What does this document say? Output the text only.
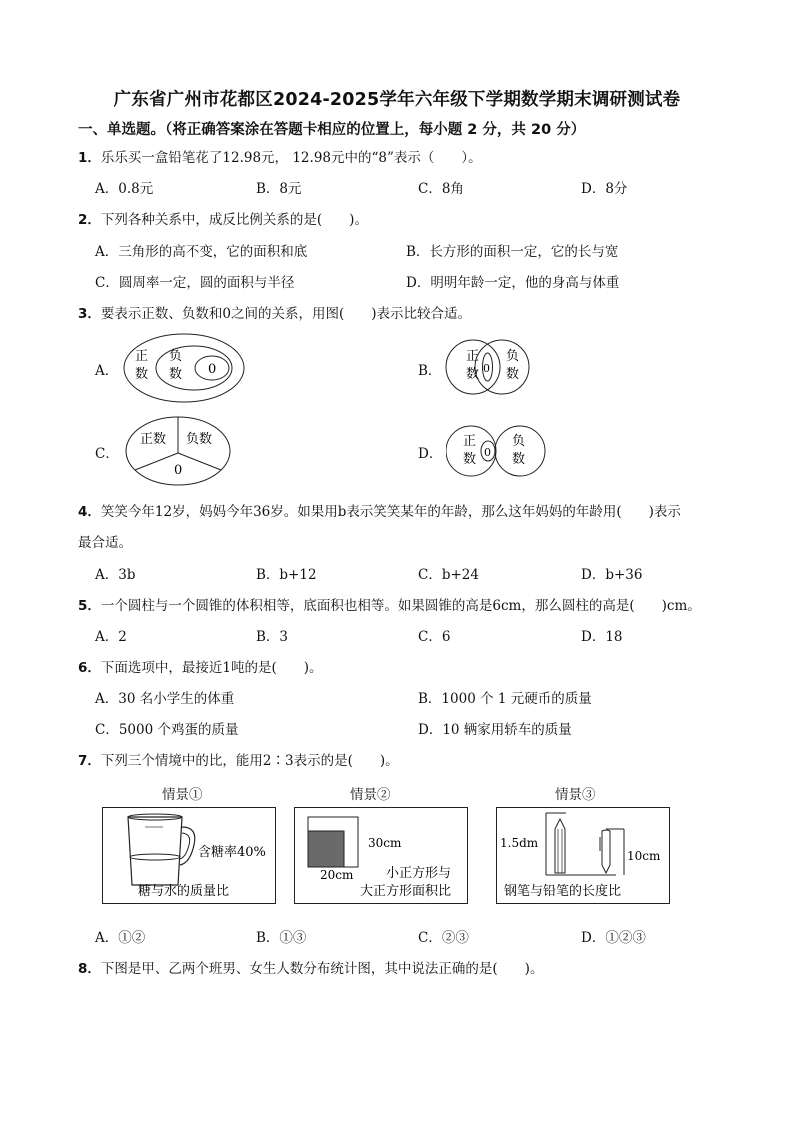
广东省广州市花都区2024-2025学年六年级下学期数学期末调研测试卷
一、单选题。（将正确答案涂在答题卡相应的位置上，每小题 2 分，共 20 分）
1．乐乐买一盒铅笔花了12.98元， 12.98元中的“8”表示（　　）。
A．0.8元	B．8元	C．8角	D．8分
2．下列各种关系中，成反比例关系的是(　　)。
A．三角形的高不变，它的面积和底	B．长方形的面积一定，它的长与宽
C．圆周率一定，圆的面积与半径	D．明明年龄一定，他的身高与体重
3．要表示正数、负数和0之间的关系，用图(　　)表示比较合适。
A．	B．
C．	D．
正
数
负
数 0
正
数 0
负
数
正数 负数
0
正
数 0
负
数
4．笑笑今年12岁，妈妈今年36岁。如果用b表示笑笑某年的年龄，那么这年妈妈的年龄用(　　)表示
最合适。
A．3b	B．b+12	C．b+24	D．b+36
5．一个圆柱与一个圆锥的体积相等，底面积也相等。如果圆锥的高是6cm，那么圆柱的高是(　　)cm。
A．2	B．3	C．6	D．18
6．下面选项中，最接近1吨的是(　　)。
A．30 名小学生的体重	B．1000 个 1 元硬币的质量
C．5000 个鸡蛋的质量	D．10 辆家用轿车的质量
7．下列三个情境中的比，能用2∶3表示的是(　　)。
情景①	情景②	情景③
含糖率40%
糖与水的质量比
30cm
20cm	小正方形与
大正方形面积比
1.5dm
10cm
钢笔与铅笔的长度比
A．①②	B．①③	C．②③	D．①②③
8．下图是甲、乙两个班男、女生人数分布统计图，其中说法正确的是(　　)。
